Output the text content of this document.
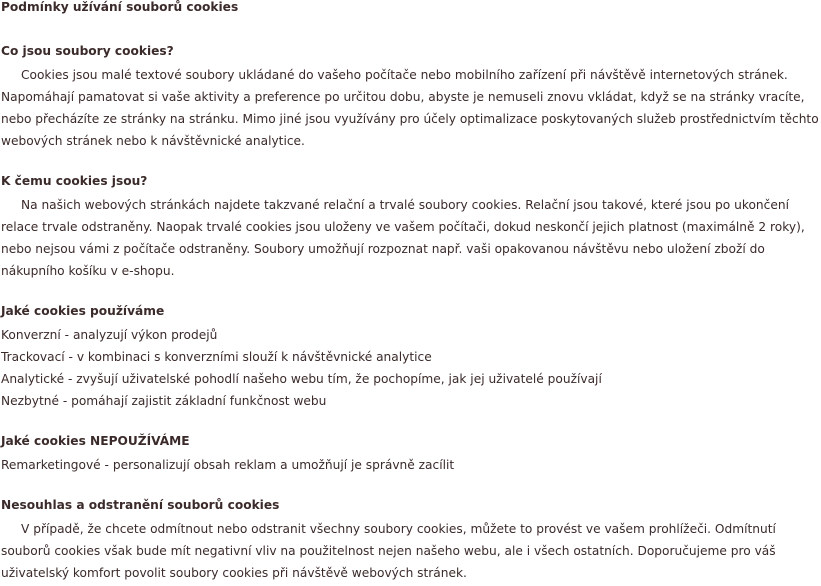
Podmínky užívání souborů cookies
Co jsou soubory cookies?

Cookies jsou malé textové soubory ukládané do vašeho počítače nebo mobilního zařízení při návštěvě internetových stránek. Napomáhají pamatovat si vaše aktivity a preference po určitou dobu, abyste je nemuseli znovu vkládat, když se na stránky vracíte, nebo přecházíte ze stránky na stránku. Mimo jiné jsou využívány pro účely optimalizace poskytovaných služeb prostřednictvím těchto webových stránek nebo k návštěvnické analytice.

K čemu cookies jsou?

Na našich webových stránkách najdete takzvané relační a trvalé soubory cookies. Relační jsou takové, které jsou po ukončení relace trvale odstraněny. Naopak trvalé cookies jsou uloženy ve vašem počítači, dokud neskončí jejich platnost (maximálně 2 roky), nebo nejsou vámi z počítače odstraněny. Soubory umožňují rozpoznat např. vaši opakovanou návštěvu nebo uložení zboží do nákupního košíku v e-shopu.

Jaké cookies používáme
Konverzní - analyzují výkon prodejů
Trackovací - v kombinaci s konverzními slouží k návštěvnické analytice
Analytické - zvyšují uživatelské pohodlí našeho webu tím, že pochopíme, jak jej uživatelé používají
Nezbytné - pomáhají zajistit základní funkčnost webu
Jaké cookies NEPOUŽÍVÁME
Remarketingové - personalizují obsah reklam a umožňují je správně zacílit
Nesouhlas a odstranění souborů cookies

V případě, že chcete odmítnout nebo odstranit všechny soubory cookies, můžete to provést ve vašem prohlížeči. Odmítnutí souborů cookies však bude mít negativní vliv na použitelnost nejen našeho webu, ale i všech ostatních. Doporučujeme pro váš uživatelský komfort povolit soubory cookies při návštěvě webových stránek.
